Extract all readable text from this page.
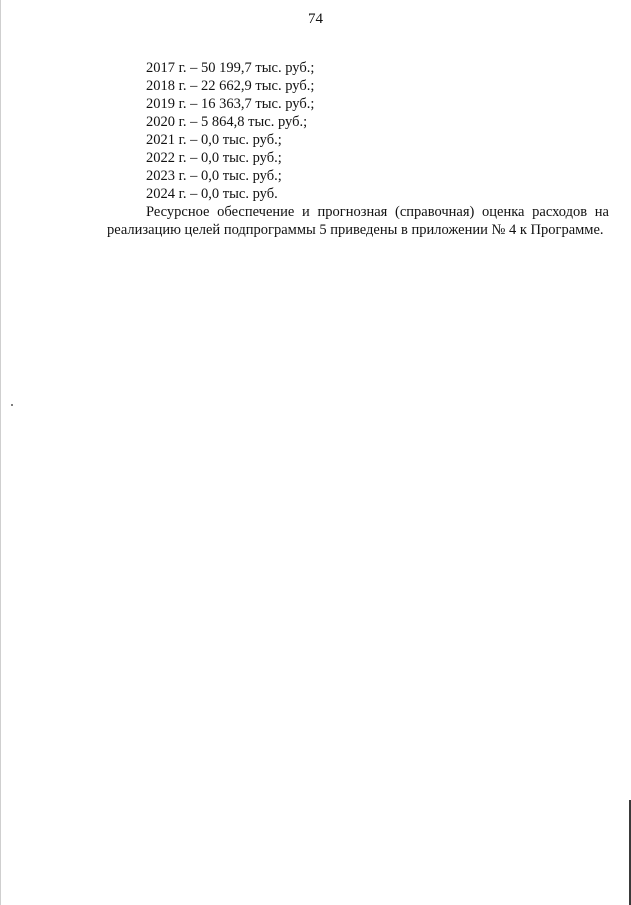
74
2017 г. – 50 199,7 тыс. руб.;
2018 г. – 22 662,9 тыс. руб.;
2019 г. – 16 363,7 тыс. руб.;
2020 г. – 5 864,8 тыс. руб.;
2021 г. – 0,0 тыс. руб.;
2022 г. – 0,0 тыс. руб.;
2023 г. – 0,0 тыс. руб.;
2024 г. – 0,0 тыс. руб.

Ресурсное обеспечение и прогнозная (справочная) оценка расходов на реализацию целей подпрограммы 5 приведены в приложении № 4 к Программе.
